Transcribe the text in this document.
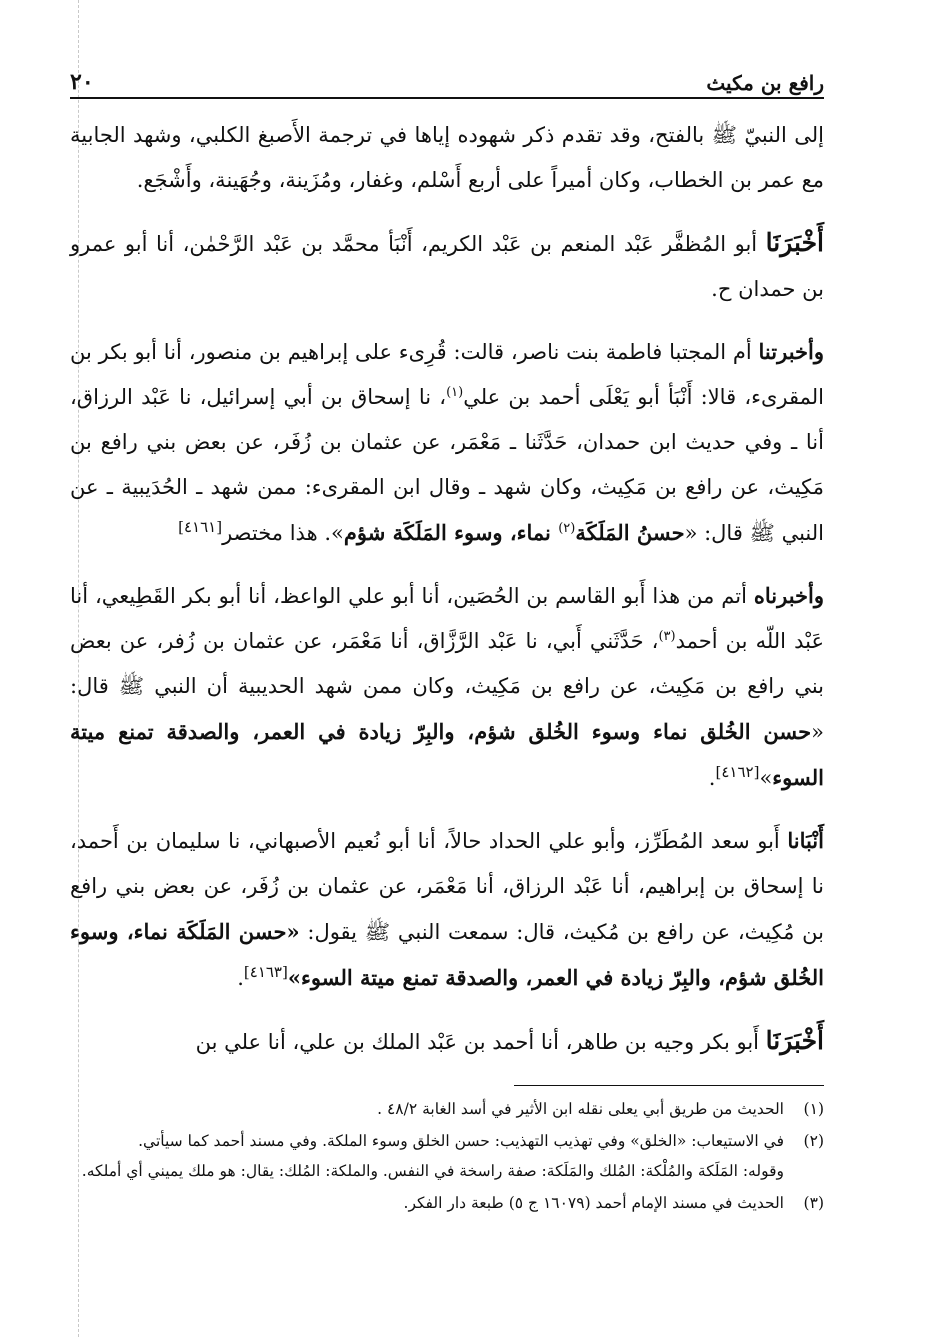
رافع بن مكيث
٢٠

إلى النبيّ ﷺ بالفتح، وقد تقدم ذكر شهوده إياها في ترجمة الأَصبغ الكلبي، وشهد الجابية مع عمر بن الخطاب، وكان أميراً على أربع أَسْلم، وغفار، ومُزَينة، وجُهَينة، وأَشْجَع.

أَخْبَرَنَا أبو المُظفَّر عَبْد المنعم بن عَبْد الكريم، أَنْبَأ محمَّد بن عَبْد الرَّحْمٰن، أنا أبو عمرو بن حمدان ح.

وأخبرتنا أم المجتبا فاطمة بنت ناصر، قالت: قُرِىء على إبراهيم بن منصور، أنا أبو بكر بن المقرىء، قالا: أَنْبَأ أبو يَعْلَى أحمد بن علي$^{(١)}$، نا إسحاق بن أبي إسرائيل، نا عَبْد الرزاق، أنا ـ وفي حديث ابن حمدان، حَدَّثَنا ـ مَعْمَر، عن عثمان بن زُفَر، عن بعض بني رافع بن مَكِيث، عن رافع بن مَكِيث، وكان شهد ـ وقال ابن المقرىء: ممن شهد ـ الحُدَيبية ـ عن النبي ﷺ قال: «حسنُ المَلَكَة$^{(٢)}$ نماء، وسوء المَلَكَة شؤم». هذا مختصر[٤١٦١]

وأخبرناه أتم من هذا أَبو القاسم بن الحُصَين، أنا أبو علي الواعظ، أنا أبو بكر القَطِيعي، أنا عَبْد اللّه بن أحمد$^{(٣)}$، حَدَّثَني أَبي، نا عَبْد الرَّزَّاق، أنا مَعْمَر، عن عثمان بن زُفر، عن بعض بني رافع بن مَكِيث، عن رافع بن مَكِيث، وكان ممن شهد الحديبية أن النبي ﷺ قال: «حسن الخُلق نماء وسوء الخُلق شؤم، والبِرّ زيادة في العمر، والصدقة تمنع ميتة السوء»[٤١٦٢].

أَنْبَانا أَبو سعد المُطَرِّز، وأبو علي الحداد حالاً، أنا أبو نُعيم الأصبهاني، نا سليمان بن أَحمد، نا إسحاق بن إبراهيم، أنا عَبْد الرزاق، أنا مَعْمَر، عن عثمان بن زُفَر، عن بعض بني رافع بن مُكِيث، عن رافع بن مُكيث، قال: سمعت النبي ﷺ يقول: «حسن المَلَكَة نماء، وسوء الخُلق شؤم، والبِرّ زيادة في العمر، والصدقة تمنع ميتة السوء»[٤١٦٣].

أَخْبَرَنَا أَبو بكر وجيه بن طاهر، أنا أحمد بن عَبْد الملك بن علي، أنا علي بن

(١)
الحديث من طريق أبي يعلى نقله ابن الأثير في أسد الغابة ٤٨/٢ .
(٢)
في الاستيعاب: «الخلق» وفي تهذيب التهذيب: حسن الخلق وسوء الملكة. وفي مسند أحمد كما سيأتي.
وقوله: المَلَكة والمُلْكة: المُلك والمَلَكة: صفة راسخة في النفس. والملكة: المُلك: يقال: هو ملك يميني أي أملكه.
(٣)
الحديث في مسند الإمام أحمد (١٦٠٧٩ ج ٥) طبعة دار الفكر.
